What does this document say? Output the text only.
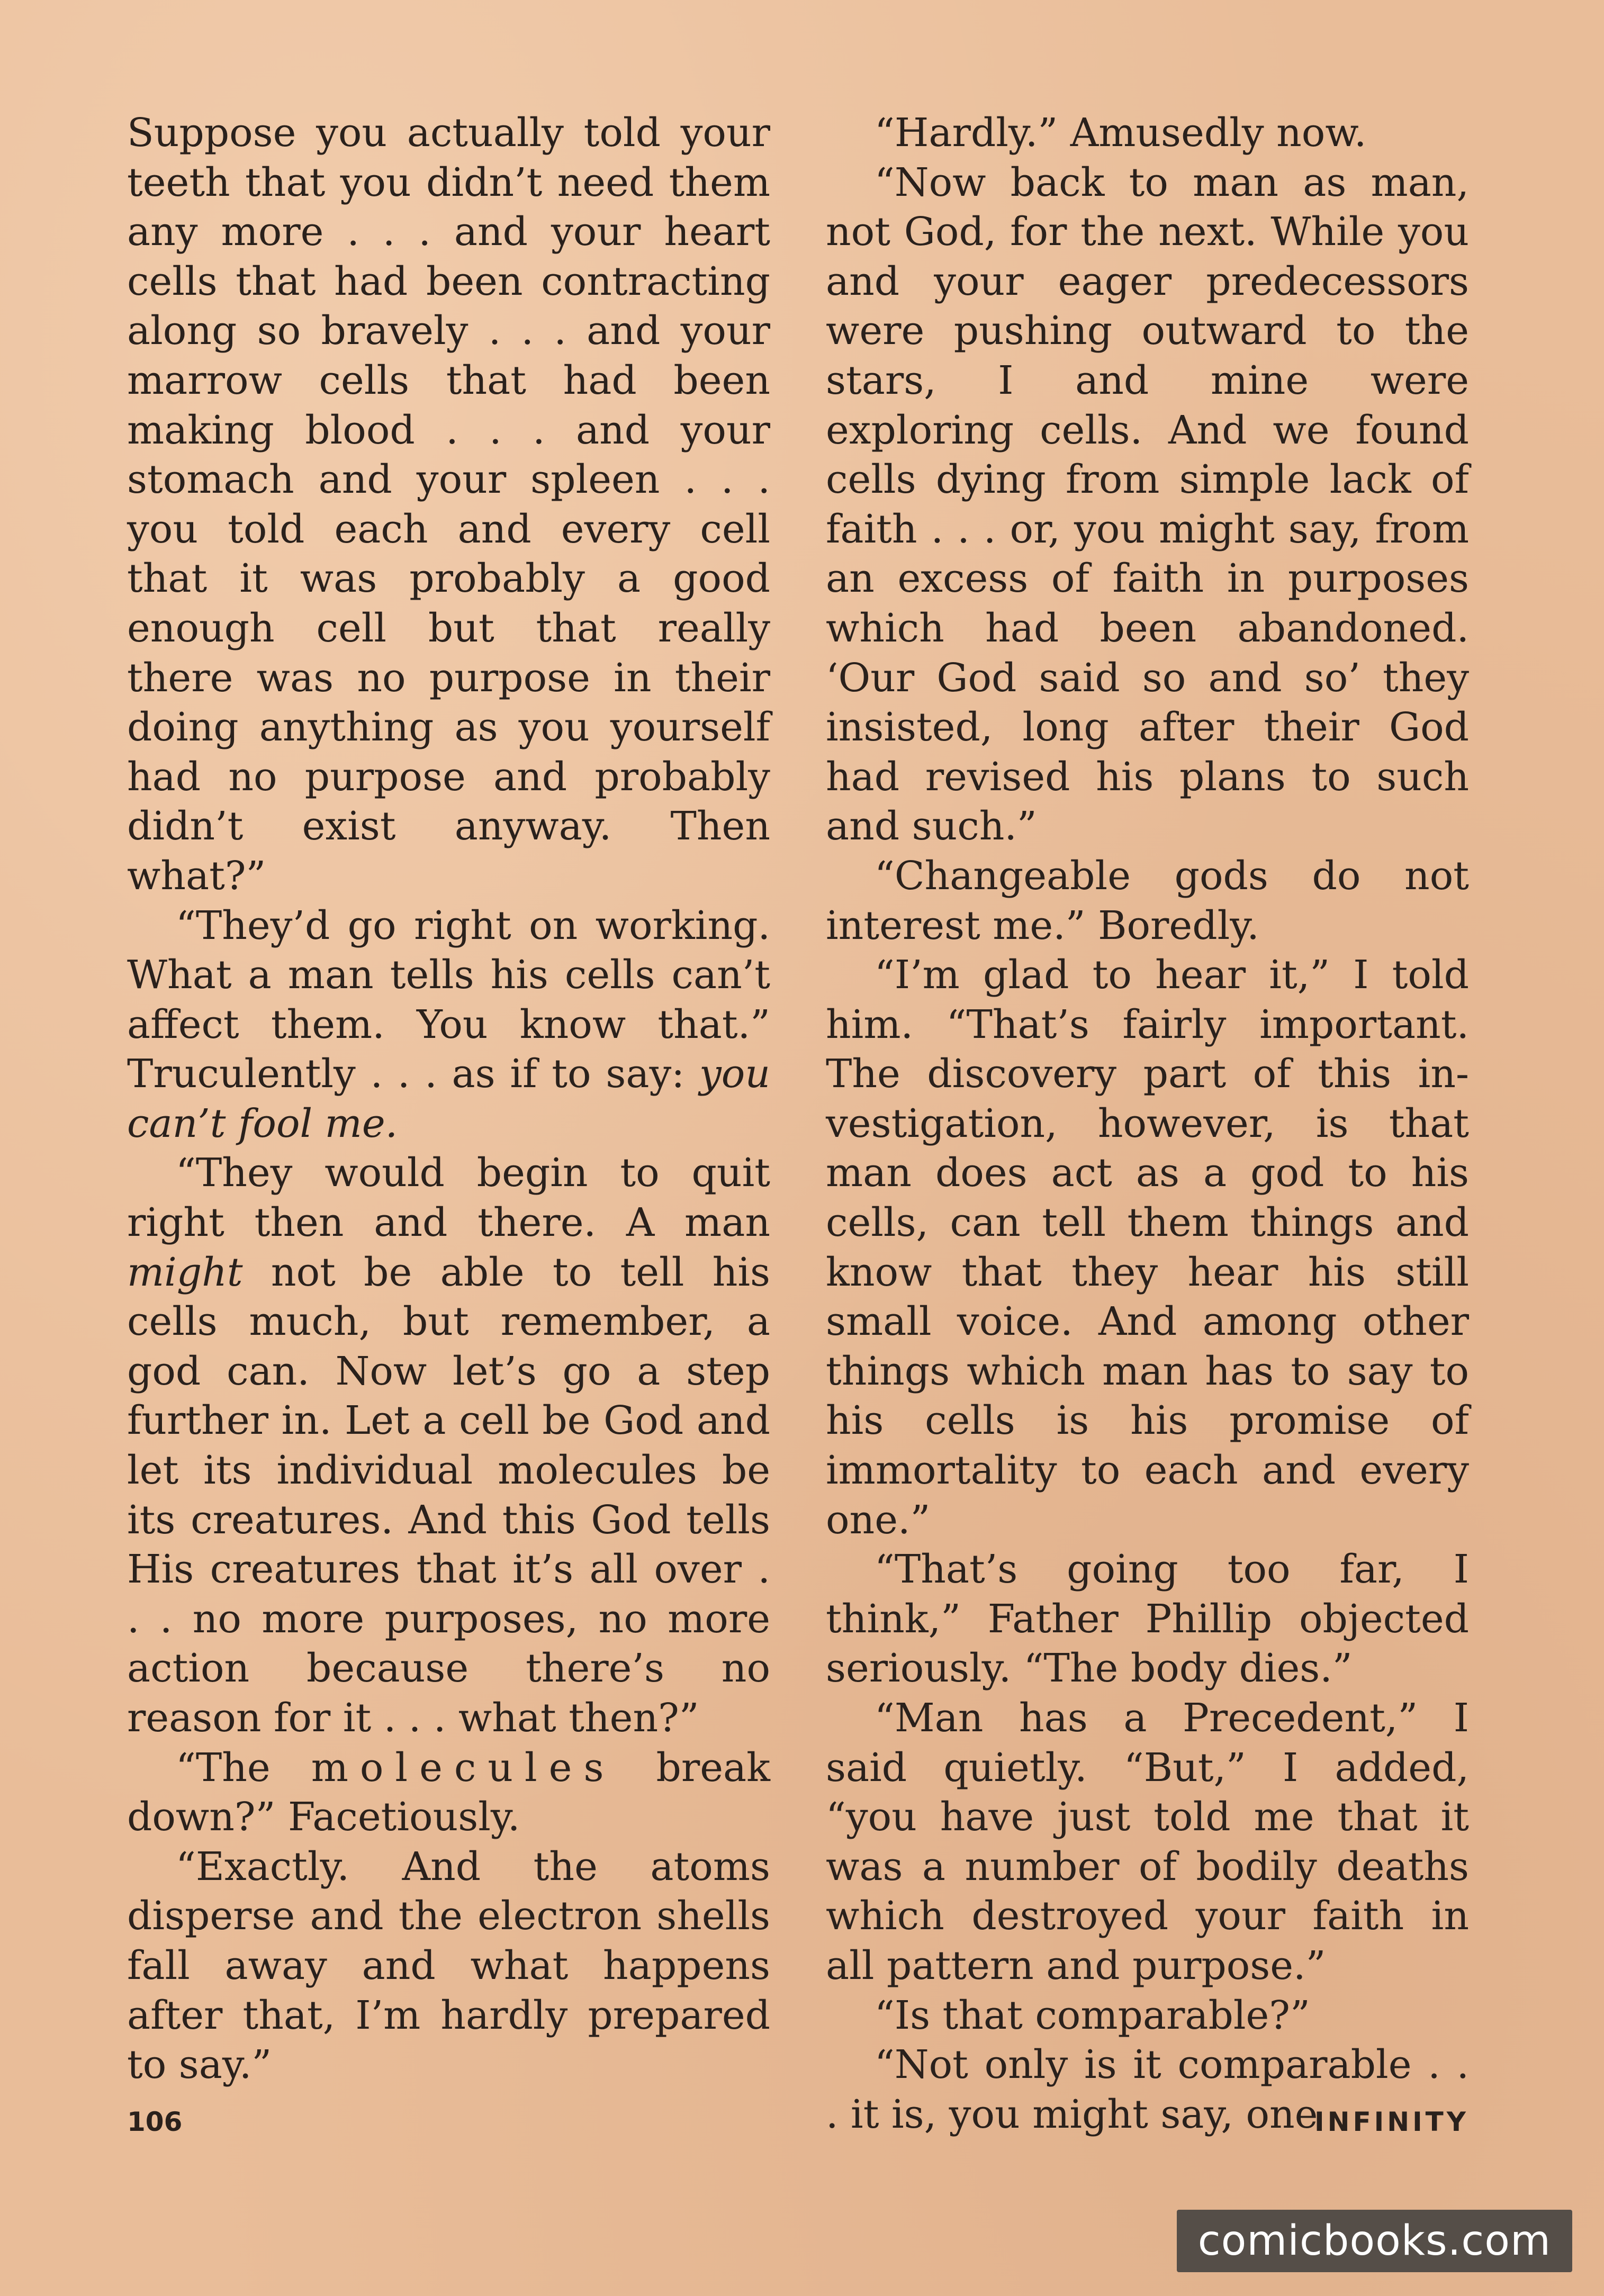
Suppose you actually told your teeth that you didn’t need them any more . . . and your heart cells that had been contracting along so bravely . . . and your marrow cells that had been making blood . . . and your stomach and your spleen . . . you told each and every cell that it was probably a good enough cell but that really there was no purpose in their doing anything as you yourself had no purpose and probably didn’t exist anyway. Then what?”

“They’d go right on working. What a man tells his cells can’t affect them. You know that.” Truculently . . . as if to say: you can’t fool me.

“They would begin to quit right then and there. A man might not be able to tell his cells much, but remember, a god can. Now let’s go a step further in. Let a cell be God and let its individual molecules be its creatures. And this God tells His creatures that it’s all over . . . no more purposes, no more action because there’s no reason for it . . . what then?”

“The molecules break down?” Facetiously.

“Exactly. And the atoms disperse and the electron shells fall away and what happens after that, I’m hardly prepared to say.”

“Hardly.” Amusedly now.

“Now back to man as man, not God, for the next. While you and your eager predecessors were pushing outward to the stars, I and mine were exploring cells. And we found cells dying from simple lack of faith . . . or, you might say, from an excess of faith in purposes which had been abandoned. ‘Our God said so and so’ they insisted, long after their God had revised his plans to such and such.”

“Changeable gods do not interest me.” Boredly.

“I’m glad to hear it,” I told him. “That’s fairly important. The discovery part of this investigation, however, is that man does act as a god to his cells, can tell them things and know that they hear his still small voice. And among other things which man has to say to his cells is his promise of immortality to each and every one.”

“That’s going too far, I think,” Father Phillip objected seriously. “The body dies.”

“Man has a Precedent,” I said quietly. “But,” I added, “you have just told me that it was a number of bodily deaths which destroyed your faith in all pattern and purpose.”

“Is that comparable?”

“Not only is it comparable . . . it is, you might say, one

106	INFINITY
comicbooks.com
